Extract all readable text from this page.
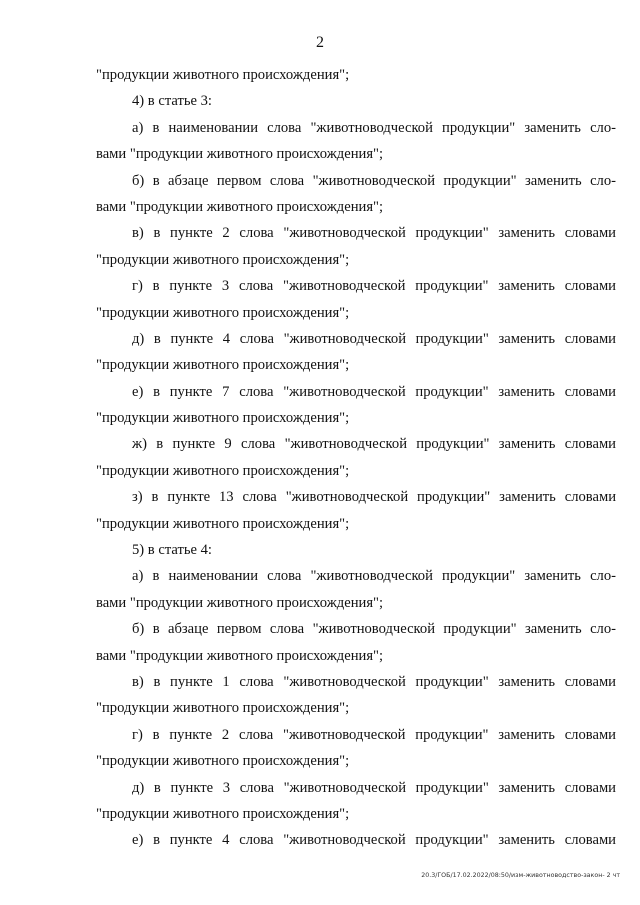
2
"продукции животного происхождения";
4) в статье 3:
а) в наименовании слова "животноводческой продукции" заменить сло-
вами "продукции животного происхождения";
б) в абзаце первом слова "животноводческой продукции" заменить сло-
вами "продукции животного происхождения";
в) в пункте 2 слова "животноводческой продукции" заменить словами
"продукции животного происхождения";
г) в пункте 3 слова "животноводческой продукции" заменить словами
"продукции животного происхождения";
д) в пункте 4 слова "животноводческой продукции" заменить словами
"продукции животного происхождения";
е) в пункте 7 слова "животноводческой продукции" заменить словами
"продукции животного происхождения";
ж) в пункте 9 слова "животноводческой продукции" заменить словами
"продукции животного происхождения";
з) в пункте 13 слова "животноводческой продукции" заменить словами
"продукции животного происхождения";
5) в статье 4:
а) в наименовании слова "животноводческой продукции" заменить сло-
вами "продукции животного происхождения";
б) в абзаце первом слова "животноводческой продукции" заменить сло-
вами "продукции животного происхождения";
в) в пункте 1 слова "животноводческой продукции" заменить словами
"продукции животного происхождения";
г) в пункте 2 слова "животноводческой продукции" заменить словами
"продукции животного происхождения";
д) в пункте 3 слова "животноводческой продукции" заменить словами
"продукции животного происхождения";
е) в пункте 4 слова "животноводческой продукции" заменить словами
20.3/ГОБ/17.02.2022/08:50/изм-животноводство-закон- 2 чт
